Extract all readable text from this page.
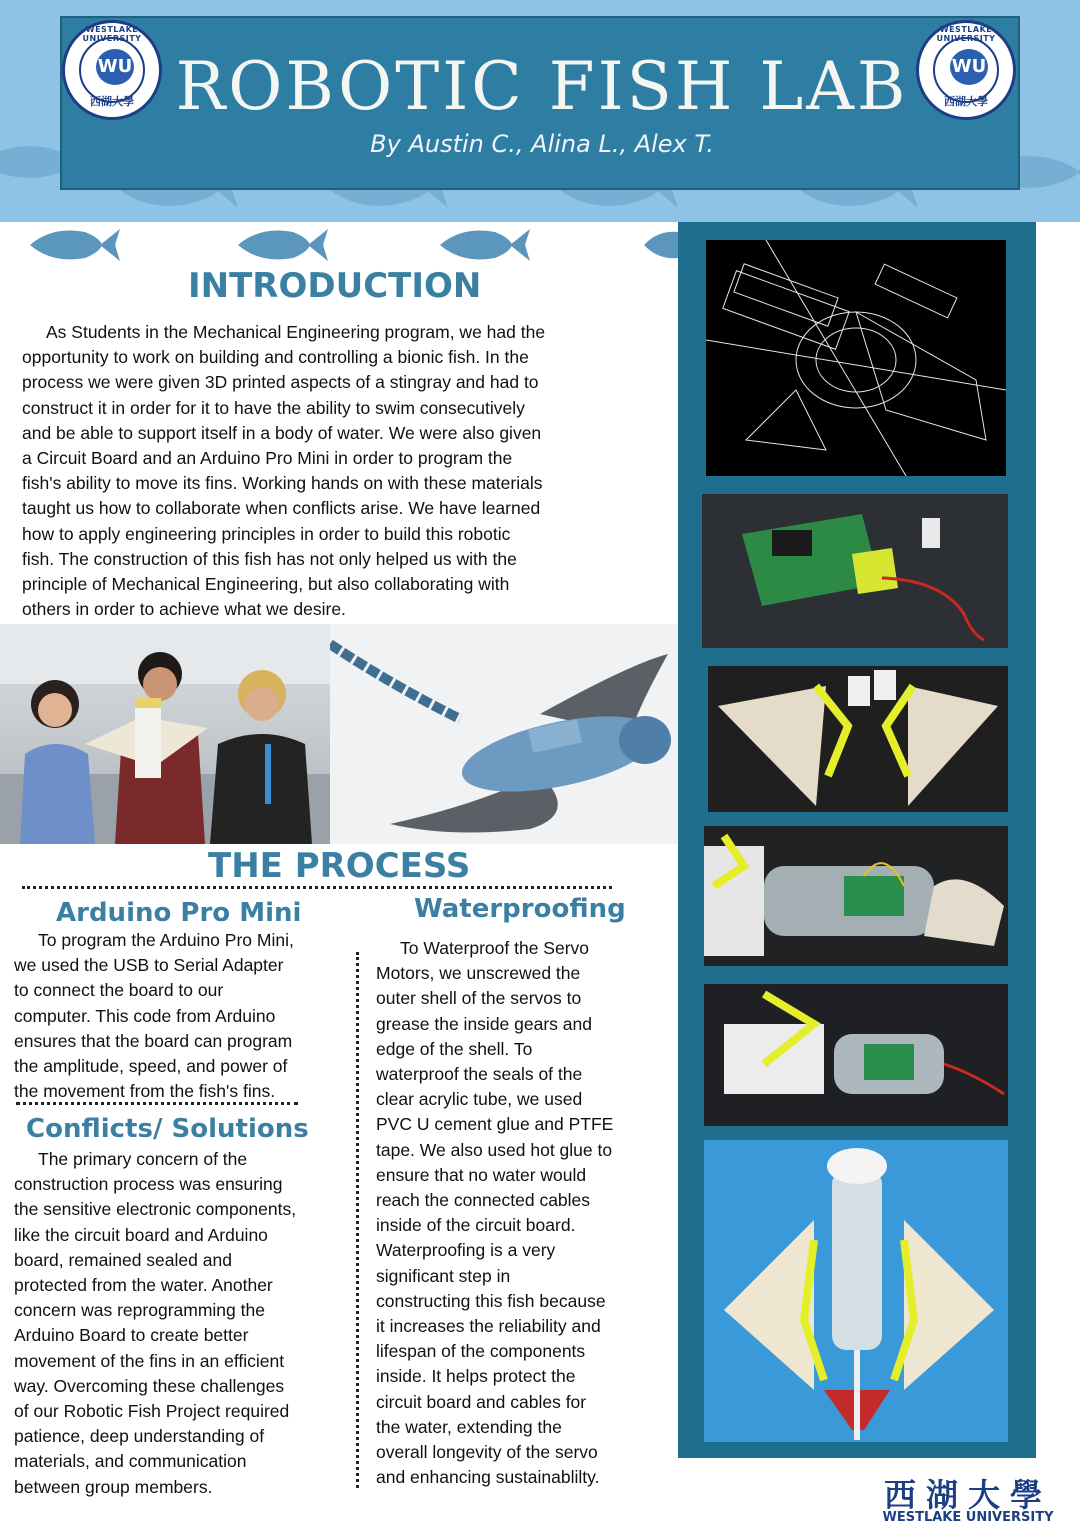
ROBOTIC FISH LAB
By Austin C., Alina L., Alex T.
WESTLAKE UNIVERSITY
WU
西湖大學
WESTLAKE UNIVERSITY
WU
西湖大學
INTRODUCTION
As Students in the Mechanical Engineering program, we had the
opportunity to work on building and controlling a bionic fish. In the
process we were given 3D printed aspects of a stingray and had to
construct it in order for it to have the ability to swim consecutively
and be able to support itself in a body of water. We were also given
a Circuit Board and an Arduino Pro Mini in order to program the
fish's ability to move its fins. Working hands on with these materials
taught us how to collaborate when conflicts arise. We have learned
how to apply engineering principles in order to build this robotic
fish. The construction of this fish has not only helped us with the
principle of Mechanical Engineering, but also collaborating with
others in order to achieve what we desire.
THE PROCESS
Arduino Pro Mini
To program the Arduino Pro Mini,
we used the USB to Serial Adapter
to connect the board to our
computer. This code from Arduino
ensures that the board can program
the amplitude, speed, and power of
the movement from the fish's fins.
Conflicts/ Solutions
The primary concern of the
construction process was ensuring
the sensitive electronic components,
like the circuit board and Arduino
board, remained sealed and
protected from the water. Another
concern was reprogramming the
Arduino Board to create better
movement of the fins in an efficient
way. Overcoming these challenges
of our Robotic Fish Project required
patience, deep understanding of
materials, and communication
between group members.
Waterproofing
To Waterproof the Servo
Motors, we unscrewed the
outer shell of the servos to
grease the inside gears and
edge of the shell. To
waterproof the seals of the
clear acrylic tube, we used
PVC U cement glue and PTFE
tape. We also used hot glue to
ensure that no water would
reach the connected cables
inside of the circuit board.
Waterproofing is a very
significant step in
constructing this fish because
it increases the reliability and
lifespan of the components
inside. It helps protect the
circuit board and cables for
the water, extending the
overall longevity of the servo
and enhancing sustainablilty.	西湖大學
WESTLAKE UNIVERSITY
